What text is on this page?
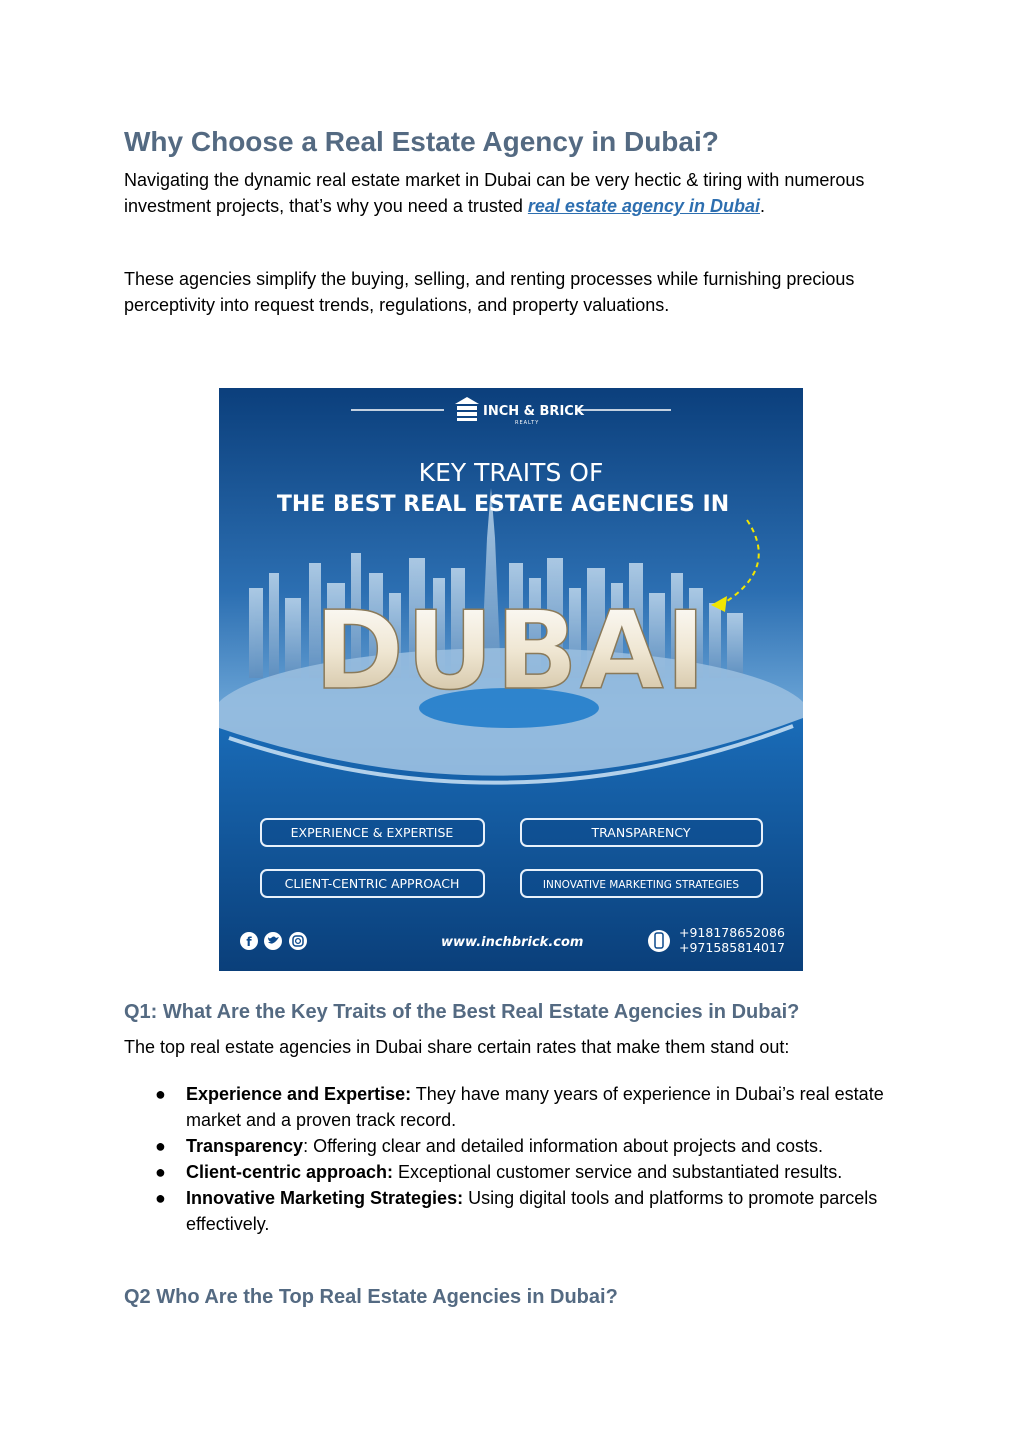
Why Choose a Real Estate Agency in Dubai?

Navigating the dynamic real estate market in Dubai can be very hectic & tiring with numerous investment projects, that’s why you need a trusted real estate agency in Dubai.

These agencies simplify the buying, selling, and renting processes while furnishing precious perceptivity into request trends, regulations, and property valuations.

DUBAI
INCH & BRICK
REALTY
KEY TRAITS OF
THE BEST REAL ESTATE AGENCIES IN
EXPERIENCE & EXPERTISE	TRANSPARENCY
CLIENT-CENTRIC APPROACH	INNOVATIVE MARKETING STRATEGIES
f	www.inchbrick.com
+918178652086
+971585814017
Q1: What Are the Key Traits of the Best Real Estate Agencies in Dubai?

The top real estate agencies in Dubai share certain rates that make them stand out:

● Experience and Expertise: They have many years of experience in Dubai’s real estate market and a proven track record.
● Transparency: Offering clear and detailed information about projects and costs.
● Client-centric approach: Exceptional customer service and substantiated results.
● Innovative Marketing Strategies: Using digital tools and platforms to promote parcels effectively.
Q2 Who Are the Top Real Estate Agencies in Dubai?
